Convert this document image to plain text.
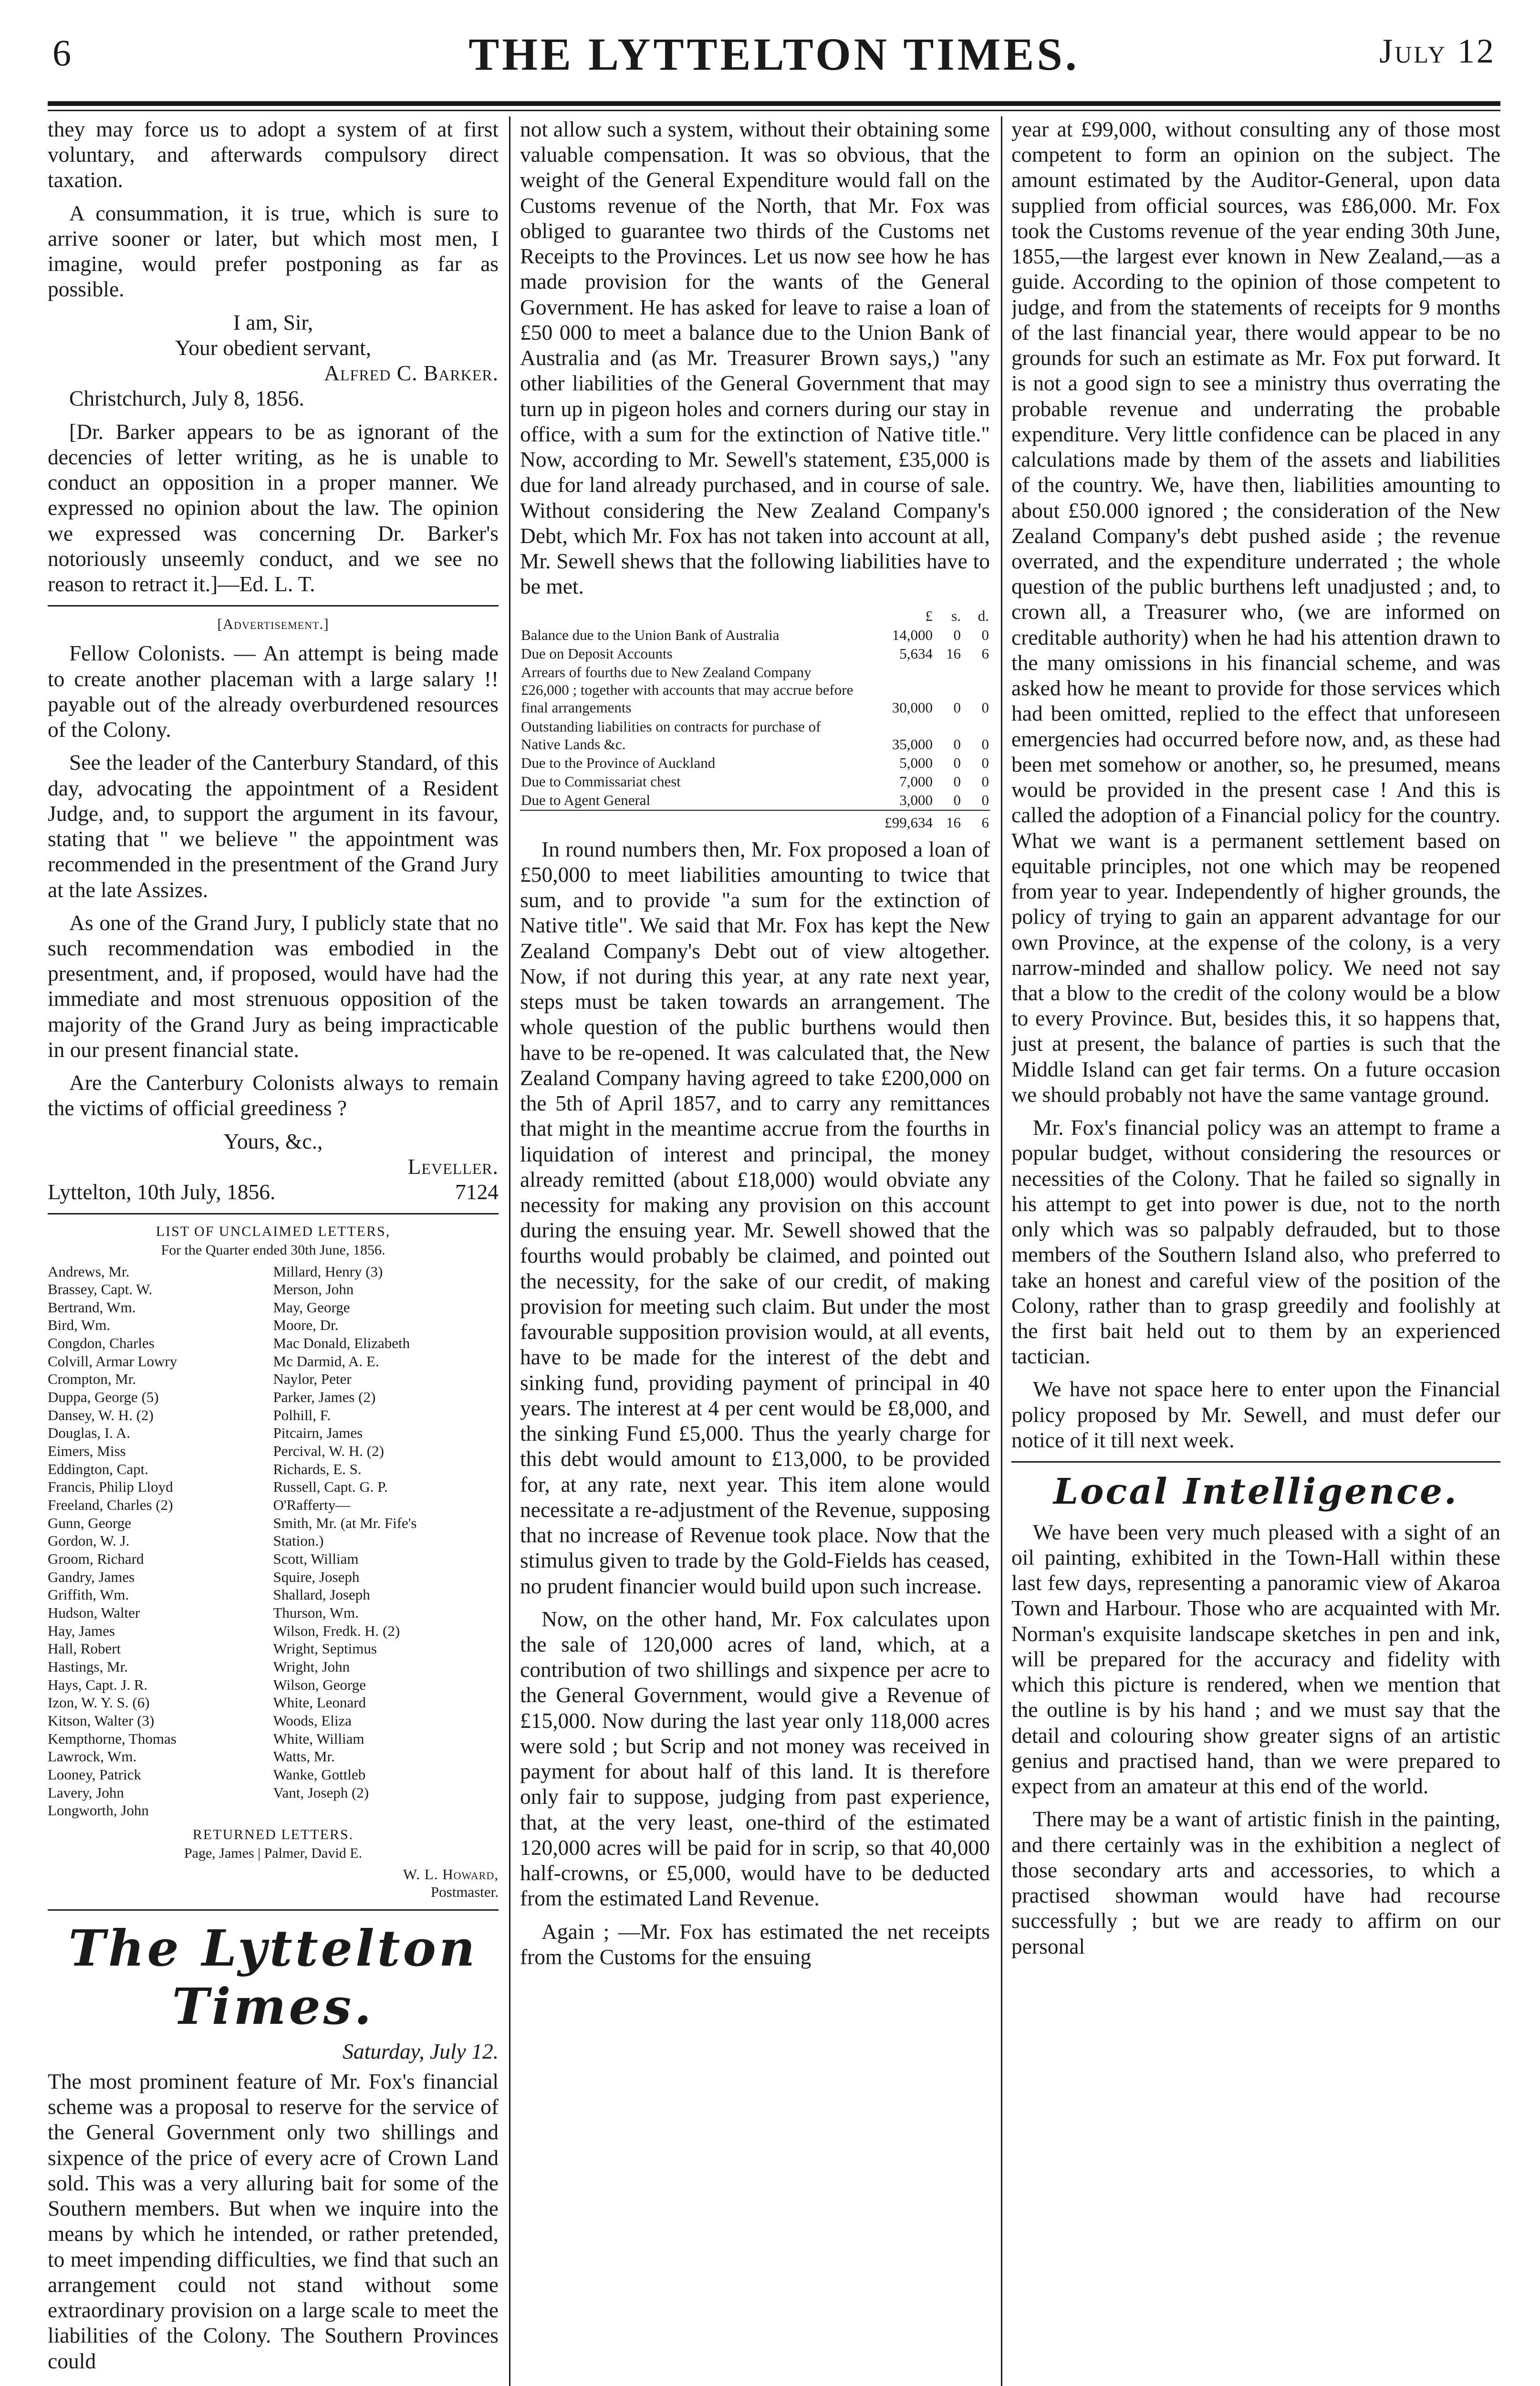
6	THE LYTTELTON TIMES.	July 12

they may force us to adopt a system of at first voluntary, and afterwards compulsory direct taxation.

A consummation, it is true, which is sure to arrive sooner or later, but which most men, I imagine, would prefer postponing as far as possible.

I am, Sir,

Your obedient servant,

Alfred C. Barker.

Christchurch, July 8, 1856.

[Dr. Barker appears to be as ignorant of the decencies of letter writing, as he is unable to conduct an opposition in a proper manner. We expressed no opinion about the law. The opinion we expressed was concerning Dr. Barker's notoriously unseemly conduct, and we see no reason to retract it.]—Ed. L. T.

[Advertisement.]

Fellow Colonists. — An attempt is being made to create another placeman with a large salary !! payable out of the already overburdened resources of the Colony.

See the leader of the Canterbury Standard, of this day, advocating the appointment of a Resident Judge, and, to support the argument in its favour, stating that " we believe " the appointment was recommended in the presentment of the Grand Jury at the late Assizes.

As one of the Grand Jury, I publicly state that no such recommendation was embodied in the presentment, and, if proposed, would have had the immediate and most strenuous opposition of the majority of the Grand Jury as being impracticable in our present financial state.

Are the Canterbury Colonists always to remain the victims of official greediness ?

Yours, &c.,

Leveller.

Lyttelton, 10th July, 1856.	7124

LIST OF UNCLAIMED LETTERS,
For the Quarter ended 30th June, 1856.
Andrews, Mr.
Brassey, Capt. W.
Bertrand, Wm.
Bird, Wm.
Congdon, Charles
Colvill, Armar Lowry
Crompton, Mr.
Duppa, George (5)
Dansey, W. H. (2)
Douglas, I. A.
Eimers, Miss
Eddington, Capt.
Francis, Philip Lloyd
Freeland, Charles (2)
Gunn, George
Gordon, W. J.
Groom, Richard
Gandry, James
Griffith, Wm.
Hudson, Walter
Hay, James
Hall, Robert
Hastings, Mr.
Hays, Capt. J. R.
Izon, W. Y. S. (6)
Kitson, Walter (3)
Kempthorne, Thomas
Lawrock, Wm.
Looney, Patrick
Lavery, John
Longworth, John
Millard, Henry (3)
Merson, John
May, George
Moore, Dr.
Mac Donald, Elizabeth
Mc Darmid, A. E.
Naylor, Peter
Parker, James (2)
Polhill, F.
Pitcairn, James
Percival, W. H. (2)
Richards, E. S.
Russell, Capt. G. P.
O'Rafferty—
Smith, Mr. (at Mr. Fife's
Station.)
Scott, William
Squire, Joseph
Shallard, Joseph
Thurson, Wm.
Wilson, Fredk. H. (2)
Wright, Septimus
Wright, John
Wilson, George
White, Leonard
Woods, Eliza
White, William
Watts, Mr.
Wanke, Gottleb
Vant, Joseph (2)
RETURNED LETTERS.
Page, James | Palmer, David E.

W. L. Howard,

Postmaster.

The Lyttelton Times.
Saturday, July 12.

The most prominent feature of Mr. Fox's financial scheme was a proposal to reserve for the service of the General Government only two shillings and sixpence of the price of every acre of Crown Land sold. This was a very alluring bait for some of the Southern members. But when we inquire into the means by which he intended, or rather pretended, to meet impending difficulties, we find that such an arrangement could not stand without some extraordinary provision on a large scale to meet the liabilities of the Colony. The Southern Provinces could

not allow such a system, without their obtaining some valuable compensation. It was so obvious, that the weight of the General Expenditure would fall on the Customs revenue of the North, that Mr. Fox was obliged to guarantee two thirds of the Customs net Receipts to the Provinces. Let us now see how he has made provision for the wants of the General Government. He has asked for leave to raise a loan of £50 000 to meet a balance due to the Union Bank of Australia and (as Mr. Treasurer Brown says,) "any other liabilities of the General Government that may turn up in pigeon holes and corners during our stay in office, with a sum for the extinction of Native title." Now, according to Mr. Sewell's statement, £35,000 is due for land already purchased, and in course of sale. Without considering the New Zealand Company's Debt, which Mr. Fox has not taken into account at all, Mr. Sewell shews that the following liabilities have to be met.

	£	s.	d.
Balance due to the Union Bank of Australia	14,000	0	0
Due on Deposit Accounts	5,634	16	6
Arrears of fourths due to New Zealand Company £26,000 ; together with accounts that may accrue before final arrangements	30,000	0	0
Outstanding liabilities on contracts for purchase of Native Lands &c.	35,000	0	0
Due to the Province of Auckland	5,000	0	0
Due to Commissariat chest	7,000	0	0
Due to Agent General	3,000	0	0
	£99,634	16	6

In round numbers then, Mr. Fox proposed a loan of £50,000 to meet liabilities amounting to twice that sum, and to provide "a sum for the extinction of Native title". We said that Mr. Fox has kept the New Zealand Company's Debt out of view altogether. Now, if not during this year, at any rate next year, steps must be taken towards an arrangement. The whole question of the public burthens would then have to be re-opened. It was calculated that, the New Zealand Company having agreed to take £200,000 on the 5th of April 1857, and to carry any remittances that might in the meantime accrue from the fourths in liquidation of interest and principal, the money already remitted (about £18,000) would obviate any necessity for making any provision on this account during the ensuing year. Mr. Sewell showed that the fourths would probably be claimed, and pointed out the necessity, for the sake of our credit, of making provision for meeting such claim. But under the most favourable supposition provision would, at all events, have to be made for the interest of the debt and sinking fund, providing payment of principal in 40 years. The interest at 4 per cent would be £8,000, and the sinking Fund £5,000. Thus the yearly charge for this debt would amount to £13,000, to be provided for, at any rate, next year. This item alone would necessitate a re-adjustment of the Revenue, supposing that no increase of Revenue took place. Now that the stimulus given to trade by the Gold-Fields has ceased, no prudent financier would build upon such increase.

Now, on the other hand, Mr. Fox calculates upon the sale of 120,000 acres of land, which, at a contribution of two shillings and sixpence per acre to the General Government, would give a Revenue of £15,000. Now during the last year only 118,000 acres were sold ; but Scrip and not money was received in payment for about half of this land. It is therefore only fair to suppose, judging from past experience, that, at the very least, one-third of the estimated 120,000 acres will be paid for in scrip, so that 40,000 half-crowns, or £5,000, would have to be deducted from the estimated Land Revenue.

Again ; —Mr. Fox has estimated the net receipts from the Customs for the ensuing

year at £99,000, without consulting any of those most competent to form an opinion on the subject. The amount estimated by the Auditor-General, upon data supplied from official sources, was £86,000. Mr. Fox took the Customs revenue of the year ending 30th June, 1855,—the largest ever known in New Zealand,—as a guide. According to the opinion of those competent to judge, and from the statements of receipts for 9 months of the last financial year, there would appear to be no grounds for such an estimate as Mr. Fox put forward. It is not a good sign to see a ministry thus overrating the probable revenue and underrating the probable expenditure. Very little confidence can be placed in any calculations made by them of the assets and liabilities of the country. We, have then, liabilities amounting to about £50.000 ignored ; the consideration of the New Zealand Company's debt pushed aside ; the revenue overrated, and the expenditure underrated ; the whole question of the public burthens left unadjusted ; and, to crown all, a Treasurer who, (we are informed on creditable authority) when he had his attention drawn to the many omissions in his financial scheme, and was asked how he meant to provide for those services which had been omitted, replied to the effect that unforeseen emergencies had occurred before now, and, as these had been met somehow or another, so, he presumed, means would be provided in the present case ! And this is called the adoption of a Financial policy for the country. What we want is a permanent settlement based on equitable principles, not one which may be reopened from year to year. Independently of higher grounds, the policy of trying to gain an apparent advantage for our own Province, at the expense of the colony, is a very narrow-minded and shallow policy. We need not say that a blow to the credit of the colony would be a blow to every Province. But, besides this, it so happens that, just at present, the balance of parties is such that the Middle Island can get fair terms. On a future occasion we should probably not have the same vantage ground.

Mr. Fox's financial policy was an attempt to frame a popular budget, without considering the resources or necessities of the Colony. That he failed so signally in his attempt to get into power is due, not to the north only which was so palpably defrauded, but to those members of the Southern Island also, who preferred to take an honest and careful view of the position of the Colony, rather than to grasp greedily and foolishly at the first bait held out to them by an experienced tactician.

We have not space here to enter upon the Financial policy proposed by Mr. Sewell, and must defer our notice of it till next week.

Local Intelligence.

We have been very much pleased with a sight of an oil painting, exhibited in the Town-Hall within these last few days, representing a panoramic view of Akaroa Town and Harbour. Those who are acquainted with Mr. Norman's exquisite landscape sketches in pen and ink, will be prepared for the accuracy and fidelity with which this picture is rendered, when we mention that the outline is by his hand ; and we must say that the detail and colouring show greater signs of an artistic genius and practised hand, than we were prepared to expect from an amateur at this end of the world.

There may be a want of artistic finish in the painting, and there certainly was in the exhibition a neglect of those secondary arts and accessories, to which a practised showman would have had recourse successfully ; but we are ready to affirm on our personal
